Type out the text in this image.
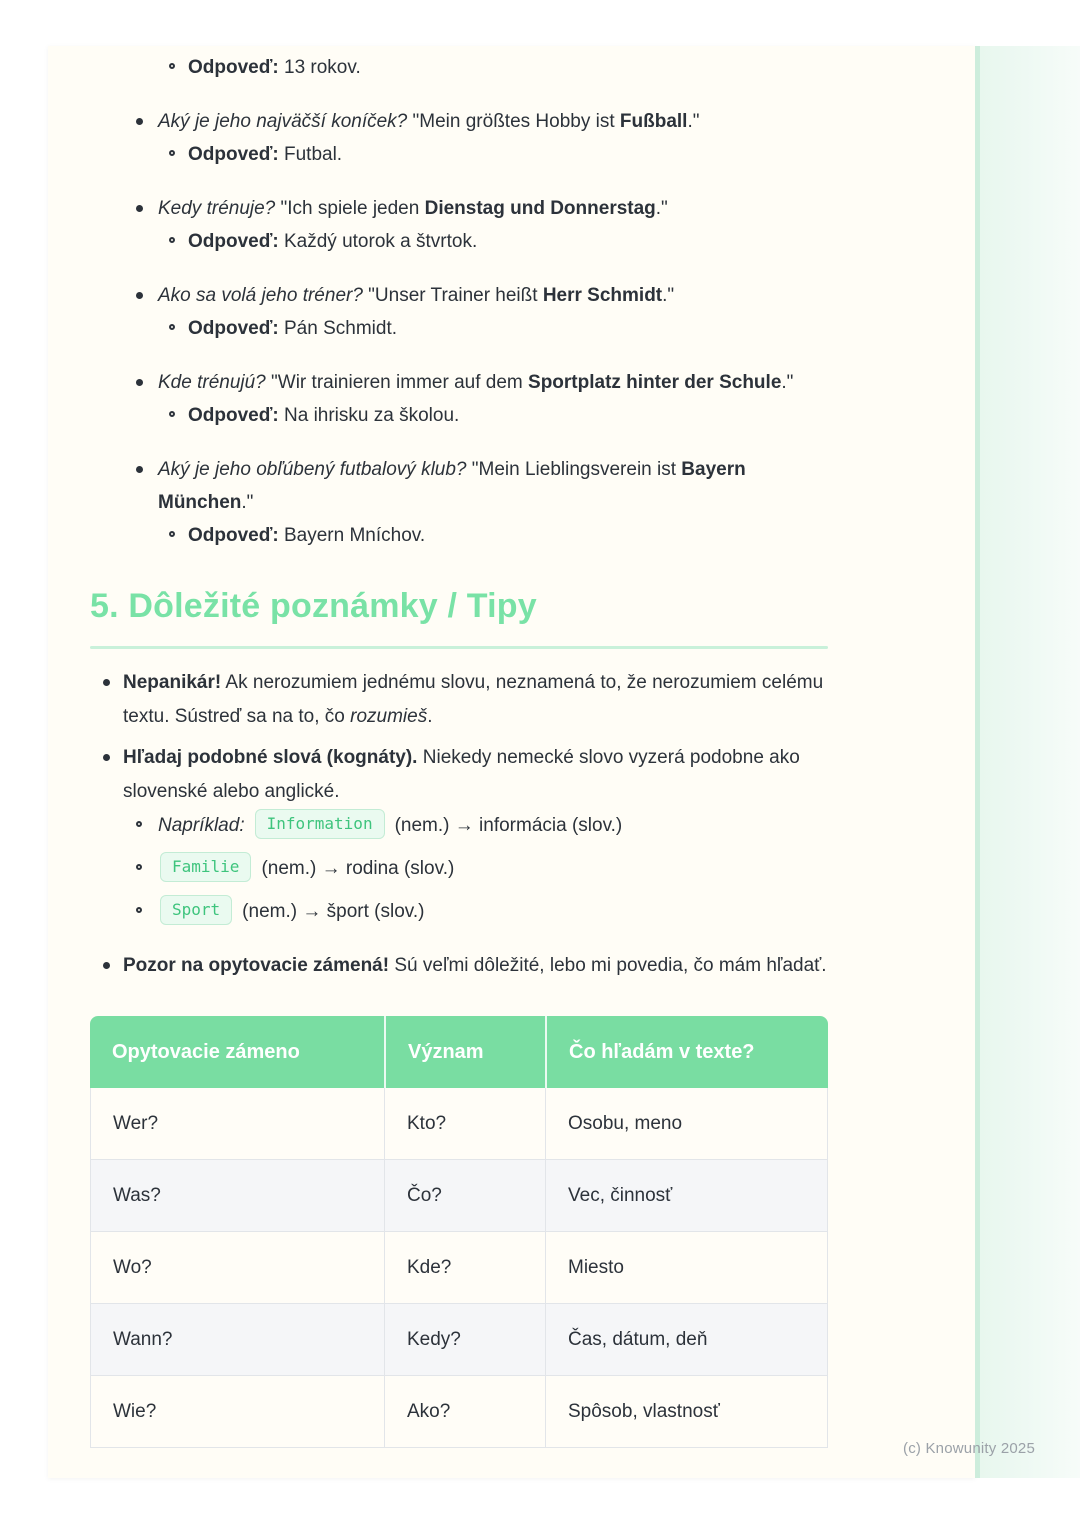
Odpoveď: 13 rokov.
Aký je jeho najväčší koníček? "Mein größtes Hobby ist Fußball."
Odpoveď: Futbal.
Kedy trénuje? "Ich spiele jeden Dienstag und Donnerstag."
Odpoveď: Každý utorok a štvrtok.
Ako sa volá jeho tréner? "Unser Trainer heißt Herr Schmidt."
Odpoveď: Pán Schmidt.
Kde trénujú? "Wir trainieren immer auf dem Sportplatz hinter der Schule."
Odpoveď: Na ihrisku za školou.
Aký je jeho obľúbený futbalový klub? "Mein Lieblingsverein ist Bayern München."
Odpoveď: Bayern Mníchov.
5. Dôležité poznámky / Tipy
Nepanikár! Ak nerozumiem jednému slovu, neznamená to, že nerozumiem celému textu. Sústreď sa na to, čo rozumieš.
Hľadaj podobné slová (kognáty). Niekedy nemecké slovo vyzerá podobne ako slovenské alebo anglické.
Napríklad: Information (nem.) → informácia (slov.)
Familie (nem.) → rodina (slov.)
Sport (nem.) → šport (slov.)
Pozor na opytovacie zámená! Sú veľmi dôležité, lebo mi povedia, čo mám hľadať.
Opytovacie zámeno	Význam	Čo hľadám v texte?
Wer?	Kto?	Osobu, meno
Was?	Čo?	Vec, činnosť
Wo?	Kde?	Miesto
Wann?	Kedy?	Čas, dátum, deň
Wie?	Ako?	Spôsob, vlastnosť
(c) Knowunity 2025
